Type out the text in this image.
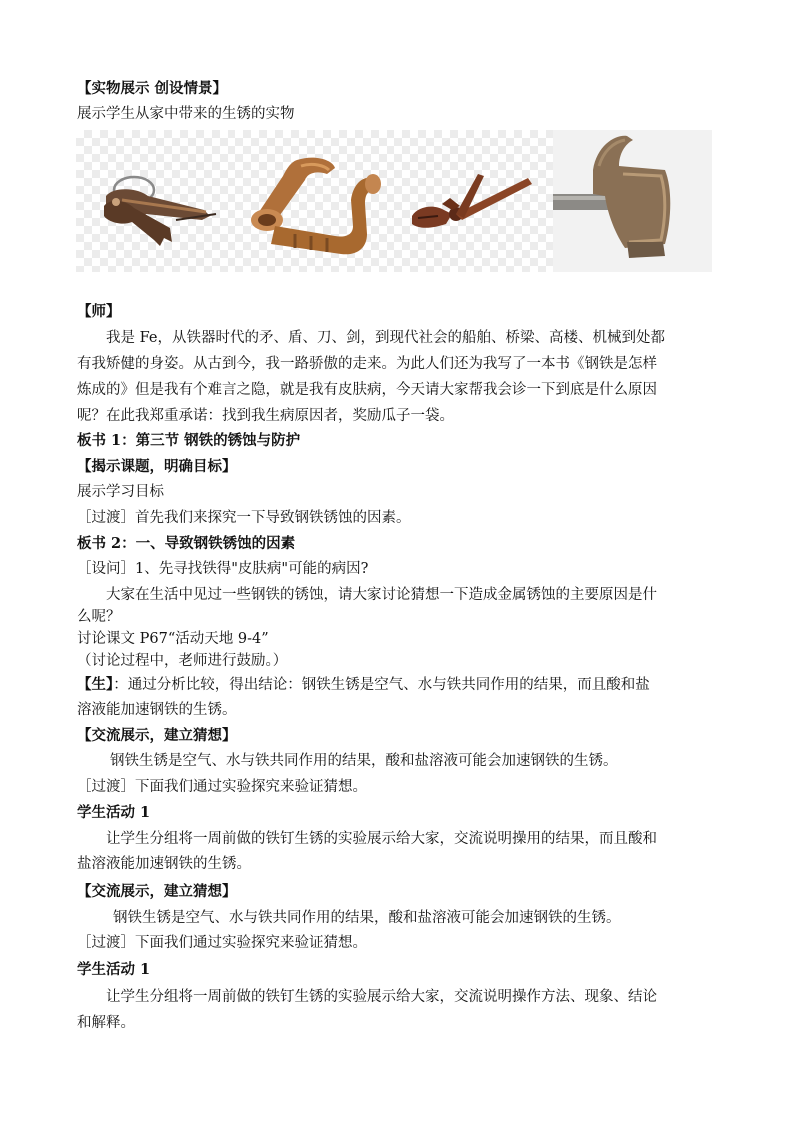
【实物展示 创设情景】
展示学生从家中带来的生锈的实物
【师】
我是 Fe，从铁器时代的矛、盾、刀、剑，到现代社会的船舶、桥梁、高楼、机械到处都
有我矫健的身姿。从古到今，我一路骄傲的走来。为此人们还为我写了一本书《钢铁是怎样
炼成的》但是我有个难言之隐，就是我有皮肤病，今天请大家帮我会诊一下到底是什么原因
呢？在此我郑重承诺：找到我生病原因者，奖励瓜子一袋。
板书 1：第三节 钢铁的锈蚀与防护
【揭示课题，明确目标】
展示学习目标
［过渡］首先我们来探究一下导致钢铁锈蚀的因素。
板书 2：一、导致钢铁锈蚀的因素
［设问］1、先寻找铁得"皮肤病"可能的病因?
大家在生活中见过一些钢铁的锈蚀，请大家讨论猜想一下造成金属锈蚀的主要原因是什
么呢？
讨论课文 P67“活动天地 9-4”
（讨论过程中，老师进行鼓励。）
【生】：通过分析比较，得出结论：钢铁生锈是空气、水与铁共同作用的结果，而且酸和盐
溶液能加速钢铁的生锈。
【交流展示，建立猜想】
钢铁生锈是空气、水与铁共同作用的结果，酸和盐溶液可能会加速钢铁的生锈。
［过渡］下面我们通过实验探究来验证猜想。
学生活动 1
让学生分组将一周前做的铁钉生锈的实验展示给大家，交流说明操用的结果，而且酸和
盐溶液能加速钢铁的生锈。
【交流展示，建立猜想】
钢铁生锈是空气、水与铁共同作用的结果，酸和盐溶液可能会加速钢铁的生锈。
［过渡］下面我们通过实验探究来验证猜想。
学生活动 1
让学生分组将一周前做的铁钉生锈的实验展示给大家，交流说明操作方法、现象、结论
和解释。
